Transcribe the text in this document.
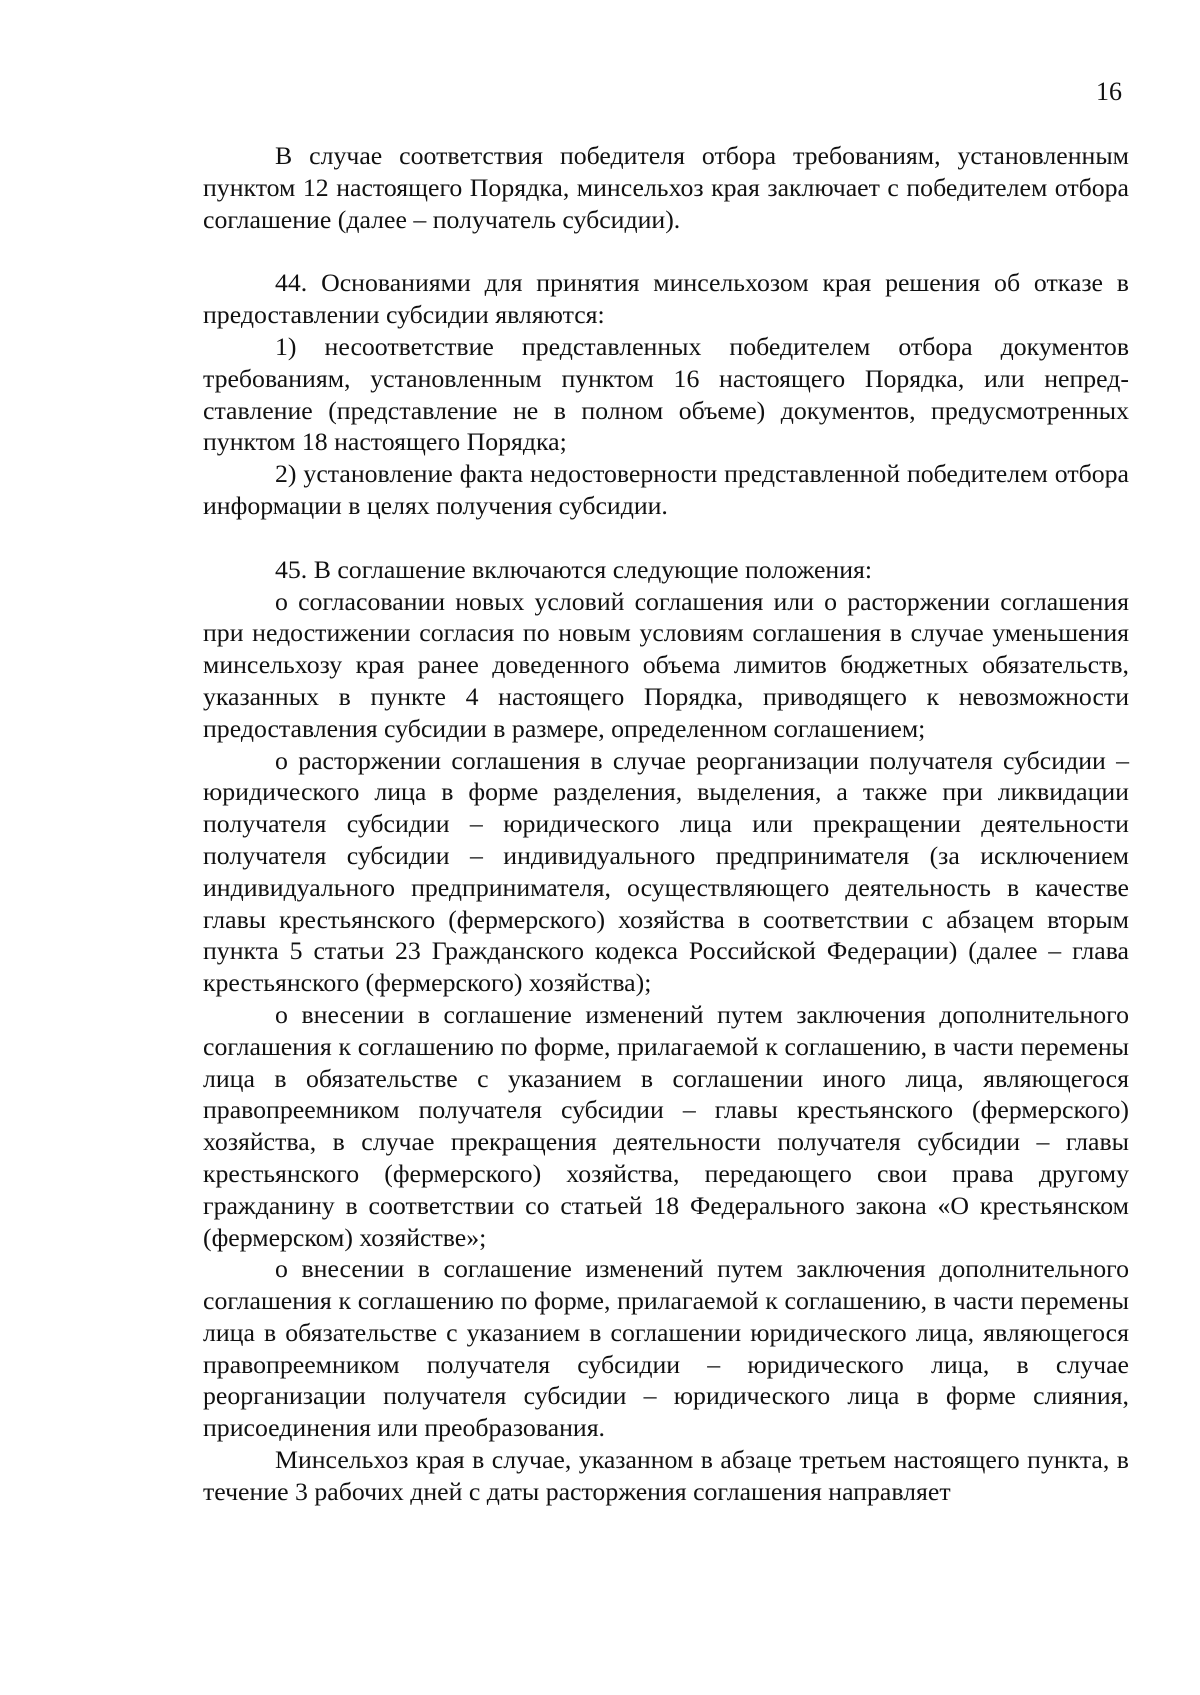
16

В случае соответствия победителя отбора требованиям, установленным пунктом 12 настоящего Порядка, минсельхоз края заключает с победителем отбора соглашение (далее – получатель субсидии).

44. Основаниями для принятия минсельхозом края решения об отказе в предоставлении субсидии являются:

1) несоответствие представленных победителем отбора документов требованиям, установленным пунктом 16 настоящего Порядка, или непредставление (представление не в полном объеме) документов, предусмотренных пунктом 18 настоящего Порядка;

2) установление факта недостоверности представленной победителем отбора информации в целях получения субсидии.

45. В соглашение включаются следующие положения:

о согласовании новых условий соглашения или о расторжении соглашения при недостижении согласия по новым условиям соглашения в случае уменьшения минсельхозу края ранее доведенного объема лимитов бюджетных обязательств, указанных в пункте 4 настоящего Порядка, приводящего к невозможности предоставления субсидии в размере, определенном соглашением;

о расторжении соглашения в случае реорганизации получателя субсидии – юридического лица в форме разделения, выделения, а также при ликвидации получателя субсидии – юридического лица или прекращении деятельности получателя субсидии – индивидуального предпринимателя (за исключением индивидуального предпринимателя, осуществляющего деятельность в качестве главы крестьянского (фермерского) хозяйства в соответствии с абзацем вторым пункта 5 статьи 23 Гражданского кодекса Российской Федерации) (далее – глава крестьянского (фермерского) хозяйства);

о внесении в соглашение изменений путем заключения дополнительного соглашения к соглашению по форме, прилагаемой к соглашению, в части перемены лица в обязательстве с указанием в соглашении иного лица, являющегося правопреемником получателя субсидии – главы крестьянского (фермерского) хозяйства, в случае прекращения деятельности получателя субсидии – главы крестьянского (фермерского) хозяйства, передающего свои права другому гражданину в соответствии со статьей 18 Федерального закона «О крестьянском (фермерском) хозяйстве»;

о внесении в соглашение изменений путем заключения дополнительного соглашения к соглашению по форме, прилагаемой к соглашению, в части перемены лица в обязательстве с указанием в соглашении юридического лица, являющегося правопреемником получателя субсидии – юридического лица, в случае реорганизации получателя субсидии – юридического лица в форме слияния, присоединения или преобразования.

Минсельхоз края в случае, указанном в абзаце третьем настоящего пункта, в течение 3 рабочих дней с даты расторжения соглашения направляет
